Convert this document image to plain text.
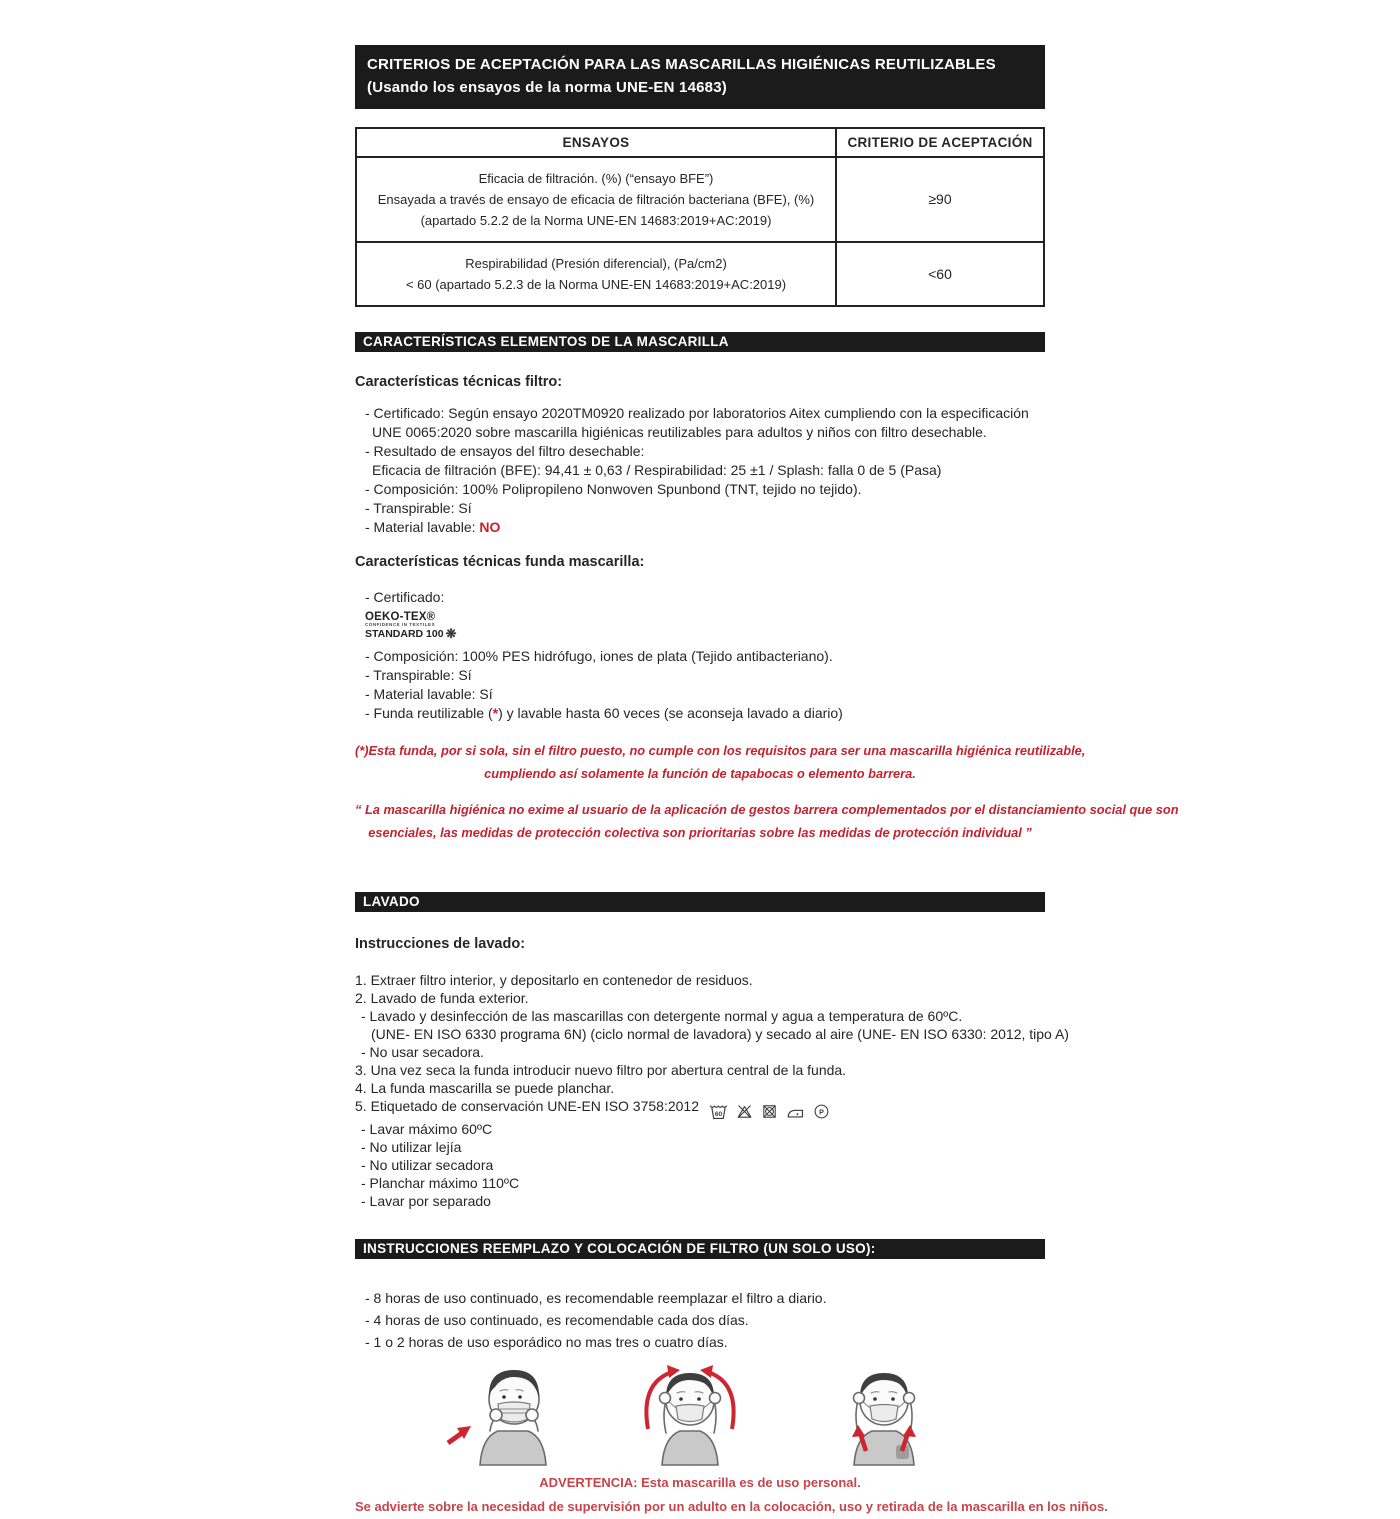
CRITERIOS DE ACEPTACIÓN PARA LAS MASCARILLAS HIGIÉNICAS REUTILIZABLES
(Usando los ensayos de la norma UNE-EN 14683)
ENSAYOS	CRITERIO DE ACEPTACIÓN

Eficacia de filtración. (%) (“ensayo BFE”)
Ensayada a través de ensayo de eficacia de filtración bacteriana (BFE), (%)
(apartado 5.2.2 de la Norma UNE-EN 14683:2019+AC:2019)	≥90

Respirabilidad (Presión diferencial), (Pa/cm2)
< 60 (apartado 5.2.3 de la Norma UNE-EN 14683:2019+AC:2019)	<60
CARACTERÍSTICAS ELEMENTOS DE LA MASCARILLA
Características técnicas filtro:
- Certificado: Según ensayo 2020TM0920 realizado por laboratorios Aitex cumpliendo con la especificación
UNE 0065:2020 sobre mascarilla higiénicas reutilizables para adultos y niños con filtro desechable.
- Resultado de ensayos del filtro desechable:
Eficacia de filtración (BFE): 94,41 ± 0,63 / Respirabilidad: 25 ±1 / Splash: falla 0 de 5 (Pasa)
- Composición: 100% Polipropileno Nonwoven Spunbond (TNT, tejido no tejido).
- Transpirable: Sí
- Material lavable: NO
Características técnicas funda mascarilla:
- Certificado:
OEKO-TEX®
CONFIDENCE IN TEXTILES
STANDARD 100 ❋
- Composición: 100% PES hidrófugo, iones de plata (Tejido antibacteriano).
- Transpirable: Sí
- Material lavable: Sí
- Funda reutilizable (*) y lavable hasta 60 veces (se aconseja lavado a diario)
(*)Esta funda, por si sola, sin el filtro puesto, no cumple con los requisitos para ser una mascarilla higiénica reutilizable,
cumpliendo así solamente la función de tapabocas o elemento barrera.
“ La mascarilla higiénica no exime al usuario de la aplicación de gestos barrera complementados por el distanciamiento social que son
esenciales, las medidas de protección colectiva son prioritarias sobre las medidas de protección individual ”
LAVADO
Instrucciones de lavado:
1. Extraer filtro interior, y depositarlo en contenedor de residuos.
2. Lavado de funda exterior.
- Lavado y desinfección de las mascarillas con detergente normal y agua a temperatura de 60ºC.
(UNE- EN ISO 6330 programa 6N) (ciclo normal de lavadora) y secado al aire (UNE- EN ISO 6330: 2012, tipo A)
- No usar secadora.
3. Una vez seca la funda introducir nuevo filtro por abertura central de la funda.
4. La funda mascarilla se puede planchar.
5. Etiquetado de conservación UNE-EN ISO 3758:2012
60
	P
- Lavar máximo 60ºC
- No utilizar lejía
- No utilizar secadora
- Planchar máximo 110ºC
- Lavar por separado
INSTRUCCIONES REEMPLAZO Y COLOCACIÓN DE FILTRO (UN SOLO USO):
- 8 horas de uso continuado, es recomendable reemplazar el filtro a diario.
- 4 horas de uso continuado, es recomendable cada dos días.
- 1 o 2 horas de uso esporádico no mas tres o cuatro días.
ADVERTENCIA: Esta mascarilla es de uso personal.
Se advierte sobre la necesidad de supervisión por un adulto en la colocación, uso y retirada de la mascarilla en los niños.
